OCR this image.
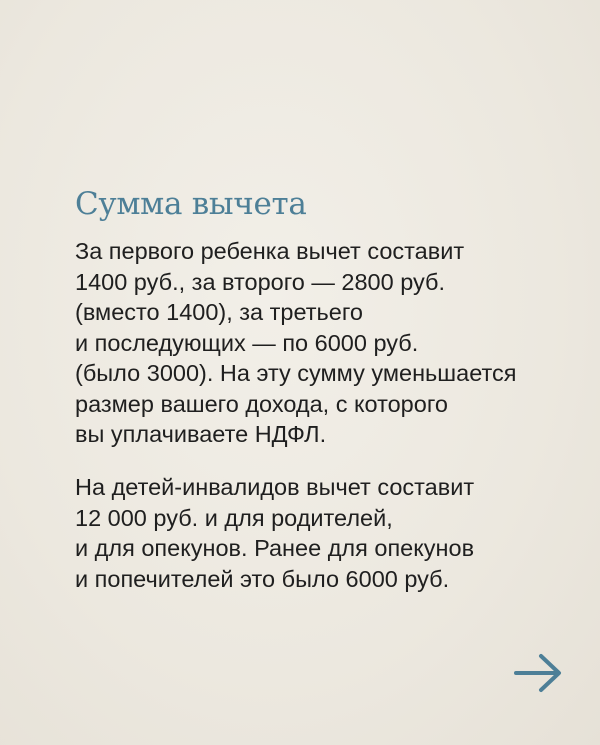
Сумма вычета

За первого ребенка вычет составит
1400 руб., за второго — 2800 руб.
(вместо 1400), за третьего
и последующих — по 6000 руб.
(было 3000). На эту сумму уменьшается
размер вашего дохода, с которого
вы уплачиваете НДФЛ.

На детей-инвалидов вычет составит
12 000 руб. и для родителей,
и для опекунов. Ранее для опекунов
и попечителей это было 6000 руб.
